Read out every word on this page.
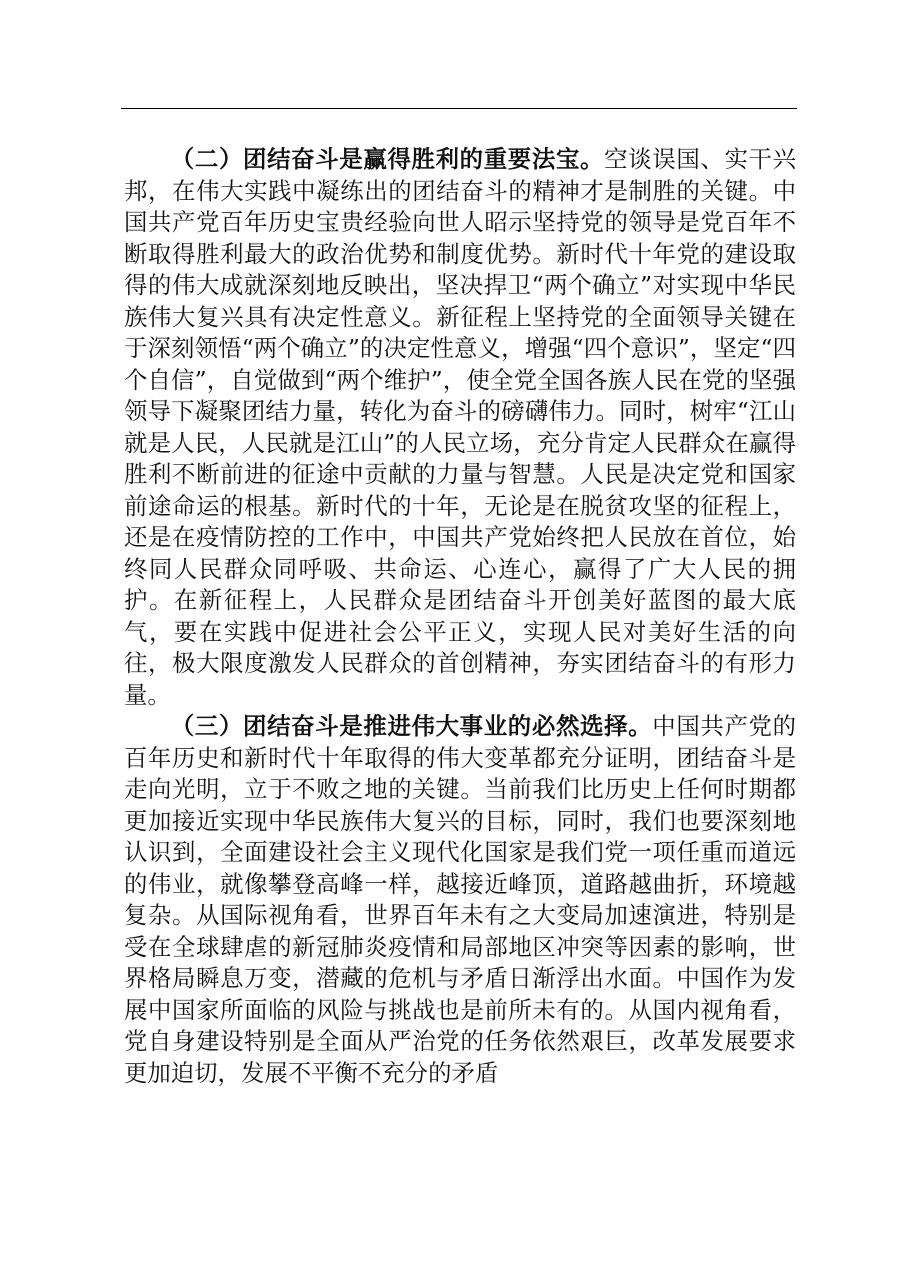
（二）团结奋斗是赢得胜利的重要法宝。空谈误国、实干兴邦，在伟大实践中凝练出的团结奋斗的精神才是制胜的关键。中国共产党百年历史宝贵经验向世人昭示坚持党的领导是党百年不断取得胜利最大的政治优势和制度优势。新时代十年党的建设取得的伟大成就深刻地反映出，坚决捍卫“两个确立”对实现中华民族伟大复兴具有决定性意义。新征程上坚持党的全面领导关键在于深刻领悟“两个确立”的决定性意义，增强“四个意识”，坚定“四个自信”，自觉做到“两个维护”，使全党全国各族人民在党的坚强领导下凝聚团结力量，转化为奋斗的磅礴伟力。同时，树牢“江山就是人民，人民就是江山”的人民立场，充分肯定人民群众在赢得胜利不断前进的征途中贡献的力量与智慧。人民是决定党和国家前途命运的根基。新时代的十年，无论是在脱贫攻坚的征程上，还是在疫情防控的工作中，中国共产党始终把人民放在首位，始终同人民群众同呼吸、共命运、心连心，赢得了广大人民的拥护。在新征程上，人民群众是团结奋斗开创美好蓝图的最大底气，要在实践中促进社会公平正义，实现人民对美好生活的向往，极大限度激发人民群众的首创精神，夯实团结奋斗的有形力量。

（三）团结奋斗是推进伟大事业的必然选择。中国共产党的百年历史和新时代十年取得的伟大变革都充分证明，团结奋斗是走向光明，立于不败之地的关键。当前我们比历史上任何时期都更加接近实现中华民族伟大复兴的目标，同时，我们也要深刻地认识到，全面建设社会主义现代化国家是我们党一项任重而道远的伟业，就像攀登高峰一样，越接近峰顶，道路越曲折，环境越复杂。从国际视角看，世界百年未有之大变局加速演进，特别是受在全球肆虐的新冠肺炎疫情和局部地区冲突等因素的影响，世界格局瞬息万变，潜藏的危机与矛盾日渐浮出水面。中国作为发展中国家所面临的风险与挑战也是前所未有的。从国内视角看，党自身建设特别是全面从严治党的任务依然艰巨，改革发展要求更加迫切，发展不平衡不充分的矛盾
